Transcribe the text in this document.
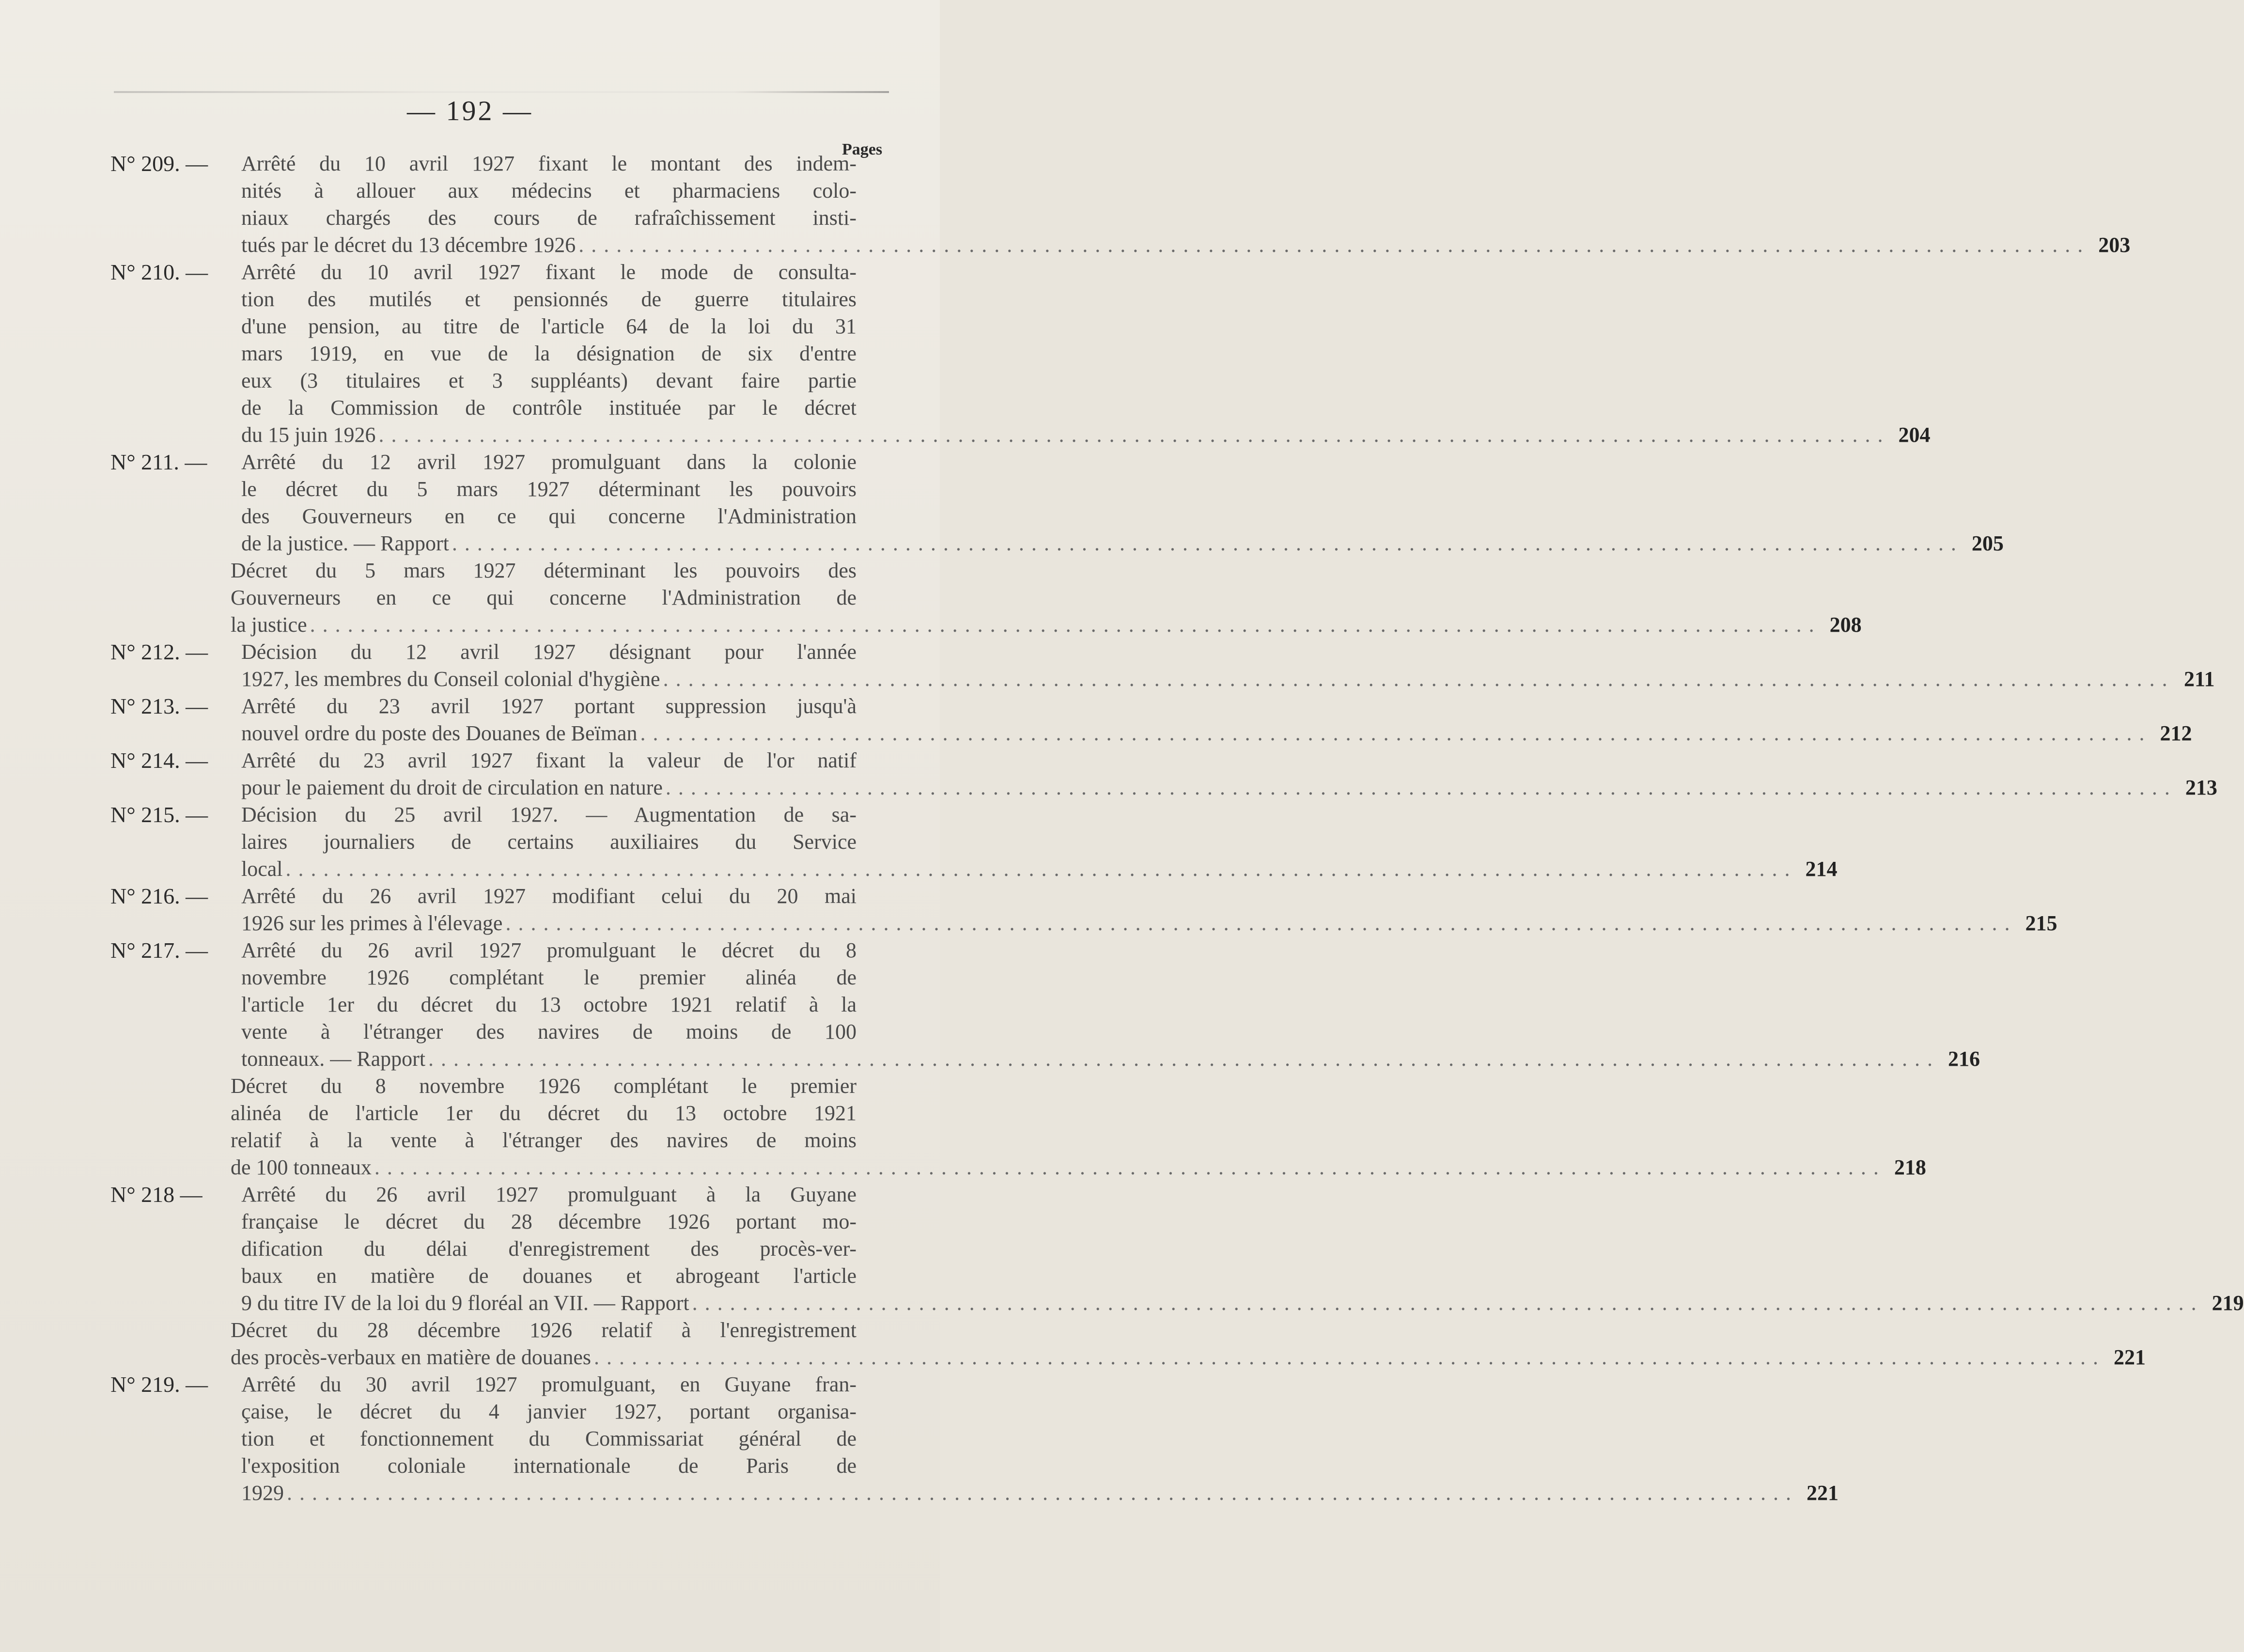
— 192 —
Pages
N° 209. —	Arrêté du 10 avril 1927 fixant le montant des indem-
nités à allouer aux médecins et pharmaciens colo-
niaux chargés des cours de rafraîchissement insti-
tués par le décret du 13 décembre 1926 . . . . . . . . . . . . . . . . . . . . . . . . . . . . . . . . . . . . . . . . . . . . . . . . . . . . . . . . . . . . . . . . . . . . . . . . . . . . . . . . . . . . . . . . . . . . . . . . . . . . . . . . . . . . . . . . . . . . . . . . 203
N° 210. —	Arrêté du 10 avril 1927 fixant le mode de consulta-
tion des mutilés et pensionnés de guerre titulaires
d'une pension, au titre de l'article 64 de la loi du 31
mars 1919, en vue de la désignation de six d'entre
eux (3 titulaires et 3 suppléants) devant faire partie
de la Commission de contrôle instituée par le décret
du 15 juin 1926 . . . . . . . . . . . . . . . . . . . . . . . . . . . . . . . . . . . . . . . . . . . . . . . . . . . . . . . . . . . . . . . . . . . . . . . . . . . . . . . . . . . . . . . . . . . . . . . . . . . . . . . . . . . . . . . . . . . . . . . . 204
N° 211. —	Arrêté du 12 avril 1927 promulguant dans la colonie
le décret du 5 mars 1927 déterminant les pouvoirs
des Gouverneurs en ce qui concerne l'Administration
de la justice. — Rapport . . . . . . . . . . . . . . . . . . . . . . . . . . . . . . . . . . . . . . . . . . . . . . . . . . . . . . . . . . . . . . . . . . . . . . . . . . . . . . . . . . . . . . . . . . . . . . . . . . . . . . . . . . . . . . . . . . . . . . . . 205
Décret du 5 mars 1927 déterminant les pouvoirs des
Gouverneurs en ce qui concerne l'Administration de
la justice . . . . . . . . . . . . . . . . . . . . . . . . . . . . . . . . . . . . . . . . . . . . . . . . . . . . . . . . . . . . . . . . . . . . . . . . . . . . . . . . . . . . . . . . . . . . . . . . . . . . . . . . . . . . . . . . . . . . . . . . 208
N° 212. —	Décision du 12 avril 1927 désignant pour l'année
1927, les membres du Conseil colonial d'hygiène . . . . . . . . . . . . . . . . . . . . . . . . . . . . . . . . . . . . . . . . . . . . . . . . . . . . . . . . . . . . . . . . . . . . . . . . . . . . . . . . . . . . . . . . . . . . . . . . . . . . . . . . . . . . . . . . . . . . . . . . 211
N° 213. —	Arrêté du 23 avril 1927 portant suppression jusqu'à
nouvel ordre du poste des Douanes de Beïman . . . . . . . . . . . . . . . . . . . . . . . . . . . . . . . . . . . . . . . . . . . . . . . . . . . . . . . . . . . . . . . . . . . . . . . . . . . . . . . . . . . . . . . . . . . . . . . . . . . . . . . . . . . . . . . . . . . . . . . . 212
N° 214. —	Arrêté du 23 avril 1927 fixant la valeur de l'or natif
pour le paiement du droit de circulation en nature . . . . . . . . . . . . . . . . . . . . . . . . . . . . . . . . . . . . . . . . . . . . . . . . . . . . . . . . . . . . . . . . . . . . . . . . . . . . . . . . . . . . . . . . . . . . . . . . . . . . . . . . . . . . . . . . . . . . . . . . 213
N° 215. —	Décision du 25 avril 1927. — Augmentation de sa-
laires journaliers de certains auxiliaires du Service
local . . . . . . . . . . . . . . . . . . . . . . . . . . . . . . . . . . . . . . . . . . . . . . . . . . . . . . . . . . . . . . . . . . . . . . . . . . . . . . . . . . . . . . . . . . . . . . . . . . . . . . . . . . . . . . . . . . . . . . . . 214
N° 216. —	Arrêté du 26 avril 1927 modifiant celui du 20 mai
1926 sur les primes à l'élevage . . . . . . . . . . . . . . . . . . . . . . . . . . . . . . . . . . . . . . . . . . . . . . . . . . . . . . . . . . . . . . . . . . . . . . . . . . . . . . . . . . . . . . . . . . . . . . . . . . . . . . . . . . . . . . . . . . . . . . . . 215
N° 217. —	Arrêté du 26 avril 1927 promulguant le décret du 8
novembre 1926 complétant le premier alinéa de
l'article 1er du décret du 13 octobre 1921 relatif à la
vente à l'étranger des navires de moins de 100
tonneaux. — Rapport . . . . . . . . . . . . . . . . . . . . . . . . . . . . . . . . . . . . . . . . . . . . . . . . . . . . . . . . . . . . . . . . . . . . . . . . . . . . . . . . . . . . . . . . . . . . . . . . . . . . . . . . . . . . . . . . . . . . . . . . 216
Décret du 8 novembre 1926 complétant le premier
alinéa de l'article 1er du décret du 13 octobre 1921
relatif à la vente à l'étranger des navires de moins
de 100 tonneaux . . . . . . . . . . . . . . . . . . . . . . . . . . . . . . . . . . . . . . . . . . . . . . . . . . . . . . . . . . . . . . . . . . . . . . . . . . . . . . . . . . . . . . . . . . . . . . . . . . . . . . . . . . . . . . . . . . . . . . . . 218
N° 218 —	Arrêté du 26 avril 1927 promulguant à la Guyane
française le décret du 28 décembre 1926 portant mo-
dification du délai d'enregistrement des procès-ver-
baux en matière de douanes et abrogeant l'article
9 du titre IV de la loi du 9 floréal an VII. — Rapport . . . . . . . . . . . . . . . . . . . . . . . . . . . . . . . . . . . . . . . . . . . . . . . . . . . . . . . . . . . . . . . . . . . . . . . . . . . . . . . . . . . . . . . . . . . . . . . . . . . . . . . . . . . . . . . . . . . . . . . . 219
Décret du 28 décembre 1926 relatif à l'enregistrement
des procès-verbaux en matière de douanes . . . . . . . . . . . . . . . . . . . . . . . . . . . . . . . . . . . . . . . . . . . . . . . . . . . . . . . . . . . . . . . . . . . . . . . . . . . . . . . . . . . . . . . . . . . . . . . . . . . . . . . . . . . . . . . . . . . . . . . . 221
N° 219. —	Arrêté du 30 avril 1927 promulguant, en Guyane fran-
çaise, le décret du 4 janvier 1927, portant organisa-
tion et fonctionnement du Commissariat général de
l'exposition coloniale internationale de Paris de
1929 . . . . . . . . . . . . . . . . . . . . . . . . . . . . . . . . . . . . . . . . . . . . . . . . . . . . . . . . . . . . . . . . . . . . . . . . . . . . . . . . . . . . . . . . . . . . . . . . . . . . . . . . . . . . . . . . . . . . . . . . 221
